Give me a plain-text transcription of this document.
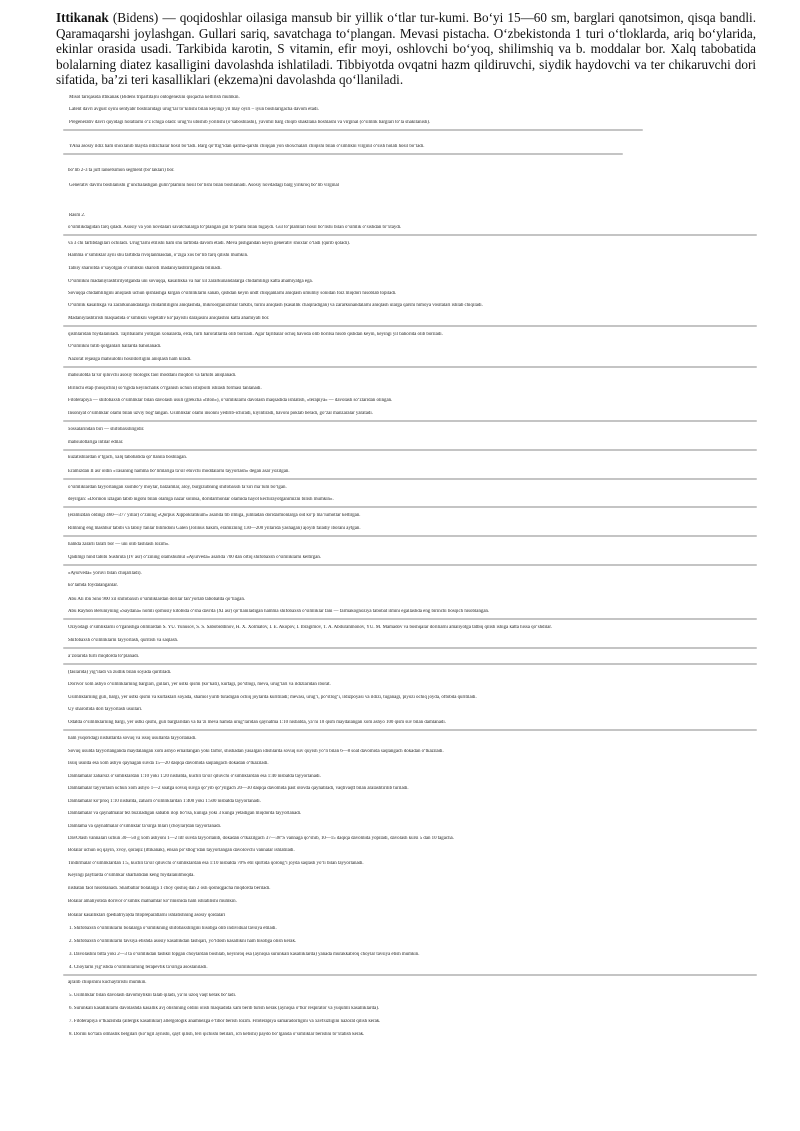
Ittikanak (Bidens) — qoqidoshlar oilasiga mansub bir yillik o‘tlar tur-kumi. Bo‘yi 15—60 sm, barglari qanotsimon, qisqa bandli. Qaramaqarshi joylashgan. Gullari sariq, savatchaga to‘plangan. Mevasi pistacha. O‘zbekistonda 1 turi o‘tloklarda, ariq bo‘ylarida, ekinlar orasida usadi. Tarkibida karotin, S vitamin, efir moyi, oshlovchi bo‘yoq, shilimshiq va b. moddalar bor. Xalq tabobatida bolalarning diatez kasalligini davolashda ishlatiladi. Tibbiyotda ovqatni hazm qildiruvchi, siydik haydovchi va ter chikaruvchi dori sifatida, ba’zi teri kasalliklari (ekzema)ni davolashda qo‘llaniladi.

Misol tariqasida ittikanak (Bidens tripartita)ni ontogenezini qisqacha keltirish mumkin.

Latent davri avgust oyini sentyabr boshlaridagi urug‘lar to‘kilishi bilan keyingi yil may oyiri – iyun boshlarigacha davom etadi.

Pregenerativ davri quyidagi holatlarni o‘z ichiga oladi: urug‘ni ubishib yorilishi (o‘saboshlashi), yavimil barg chiqib shakllana boshlashi va virginal (o‘simlik barglari to‘la shakllanish).

YAna asosiy ildiz ham shoxlanib mayda ildizchalar hosil bo‘ladi. Barg qo‘ltig‘idan qarma-qarshi chiqqan yon shoxchalari chiqishi bilan o‘simlikni virginil o‘sish holati hosil bo‘ladi.

bo‘lib 2-3 ta juft lansetsimon segment (bo‘laklari) bor.

Generativ davrni boshlanishi g‘unchalashgan gulin‘plamini hosil bo‘lishi bilan boshlanadi. Asosiy novdadagi barg yirikroq bo‘lib virginal

Rasm 2.

o‘simlikdagidan farq qiladi. Asosiy va yon novdalari savatchalarga to‘plangan gul to‘plami bilan tugaydi. Gul to‘plamlari hosil bo‘lishi bilan o‘simlik o‘sishdan to‘xtaydi.

va 3 chi tartibdagilari ochiladi. Urug‘larni etilishi ham shu tartibda davom etadi. Meva pishgandan keyin generativ shoxlar o‘ladi (qurib qoladi).

Hamma o‘simliklar ayni shu tartibda rivojlanmasdan, o‘ziga xos bo‘lib farq qilishi mumkin.

Tabiiy sharoitda o‘sayotgan o‘simlikni sharoiti madaniylashtirilganda bilinadi.

O‘simlikni madaniylashtirilyotganda uni sovuqqa, kasallikka va har xil zararkunandalarga chidamliligi katta ahamiyatga ega.

Sovuqqa chidamliligini aniqlash uchun qishlashga kirgan o‘simliklarni sanab, qishdan keyin undt chiqqanlarni aniqlash umumiy sonidan foiz miqdori hisoblab topiladi.

O‘simlik kasallikga va zararkunandalarga chidamliligini aniqlashda, mikroorganizmlar tarkibi, turini aniqlash (kasallik chaqiradigan) va zararkunandalarni aniqlash ularga qarshi himoya vositalari ishlab chiqiladi.

Madaniylashtirish maqsadida o‘simlikni vegetativ ko‘payishi darajasini aniqlashni katta ahamiyati bor.

qismlaridan foydalaniladi. Tajribalarni yotilgan xonalarda, erda, turli haroratlarda olib boriladi. Agar tajribalar ochiq havoda olib borilsa hisob qishdan keyin, keyingi yil bahorida olib boriladi.

O‘simlikni tutib qolganlari hallarda baholanadi.

Nazorat rejasiga mahsulotni hosildorligini aniqlash ham kiradi.

mahsulotda ta’sir qiluvchi asosiy biologik faol moddani miqdori va tarkibi aniqlanadi.

Birinchi etap (hosqichni) so‘ngida keyinchalik o‘rganish uchun istiqbolli ishlash formasi tanlanadi.

Fitoterapiya — shifobaxsh o‘simliklar bilan davolash usuli (grekcha «fiton»), o‘simliklarni davolash maqsadida ishlatish, «terapiya» — davolash so‘zlaridan olingan.

Insoniyat o‘simliklar olami bilan uzviy bog‘langan. Usimliklar olami insonni yedirib-ichiradi, kiyintiradi, havoni poklab beradi, go‘zal manzaralar yaratadi.

xossalarından biri — shifobaxshligidir.

mahsulotlariga intilar edilar.

kuzatishlardan o‘tgach, xalq tabobatida qo‘llanila boshlagan.

Eramizdan II asr oldin «Tasaning hamma bo‘limlariga ta’sir etuvchi moddalarni tayyorlash» degan asar yozilgan.

o‘simliklardan tayyorlangan xushbo‘y moylar, balzamlar, aloy, burgizubning shifobaxsh ta’siri ma’lum bo‘lgan.

deyilgan: «Dorinon izlagan tabib nigohi bilan olamga nazar solinsa, doridarmonlar olamida hayot kechirayotganimizni bilish mumkin».

(eramizdan oldingi 460—377 yillar) o‘zining «Qorpus Xippokratikum» asarida tib ilmiga, jumladan doridarmonlarga oid ko‘p ma’lumotlar keltirgan.

Rimning eng mashhur tabibi va tabiiy fanlar bilimdoni Galen (Jolinus hakim, eramizning 130—200 yillarida yashagan) ajoyib faladiy iborani aytgan.

hamda zararli tarafi bor — uni olib tashlash lozim».

Qadimgi hind tabibi Sushruta (IV asr) o‘zining olamshumul «Ayurveda» asarida 700 dan ortiq shifobaxsh o‘simliklarni keltirgan.

«Ayurveda» yoruvi bilan chiqariladi).

ko‘lamda foydalanganlar.

Abu Ali ibn Sino 900 xil shifobaxsh o‘simliklardan dorilar tan‘yorlab tabobatda qo‘llagan.

Abu Rayhon Beruniyning «Saydana» nomli qomusiy kitobida o‘sha davrda (XI asr) qo‘llaniladigan hamma shifobaxsh o‘simliklar fani — farmakognoziya tabobat ilmini egallashda eng birinchi bosqich hisoblangan.

Oziyodagi o‘simliklarni o‘rganishga olimlardan S. YU. Yunusov, S. S. Sabobiddinov, H. X. Xolmatov, I. E. Akopov, I. Ibragimov, T. A. Abdurahmonov, YU. M. Mamadov va boshqalar doriliarni amaliyotga tatbiq qilish ishiga katta hissa qo‘shdilar.

Shifobaxsh o‘simliklarni tayyorlash, quritish va saqlash.

a’zolarida turli miqdorda to‘planadi.

(faslarida) yig‘iladi va zudlik bilan soyada quritiladi.

Dorivor xom ashyo o‘simliklarning barglari, gullari, yer ustki qismi (ko‘kati), kurtagi, po‘stlogi, meva, urug‘lari va ildizlaridan iborat.

Usimliklarning guli, bargi, yer ustki qismi va kurtaklari soyada, shamol yurib turadigan ochiq joylarda kuritiladi; mevasi, urug‘i, po‘stlog‘i, ildizpoyasi va ildizi, tuganagi, piyozi ochiq joyda, oftobda quritiladi.

Uy sharoitida dori tayyorlash usullari.

Odatda o‘simliklarning bargi, yer ustki qismi, guli barglaridan va ba’zi meva hamda urug‘laridan qaynatma 1:10 nisbatda, ya’ni 10 qism maydalangan xom ashyo 100 qism suv bilan damlanadi.

ham yuqoridagi nisbatlarda sovuq va issiq usullarda tayyorlanadi.

Sovuq usulda tayyorlanganda maydalangan xom ashyo ernallangan yoki farfor, shishadan yasalgan idishlarda sovuq suv quyish yo‘li bilan 6—8 soat davomida saqlangach dokadan o‘tkaziladi.

Issiq usulda esa xom ashyo qaynagan suvda 15—20 daqiqa davomida saqlangach dokadan o‘tkaziladi.

Damlamalar zaharsiz o‘simliklardan 1:10 yoki 1:20 nisbatda, kuchli ta’sir qiluvchi o‘simliklardan esa 1:40 nisbatda tayyorlanadi.

Damlamalar tayyorlash uchun xom ashyo 1—2 soatga sovuq suvga qo‘yib qo‘yilgach 20—30 daqiqa davomida past olovda qaynatiladi, vaqtivaqtt bilan aralashtirilib turiladi.

Damlamalar ko‘proq 1:10 nisbatda, zaharli o‘simliklardan 1:400 yoki 1:500 nisbatda tayyorlanadi.

Damlamalar va qaynatmalar tez buziladigan sabablı iloji bo‘lsa, kuniga yoki 3 kunga yetadigan miqdorda tayyorlanadi.

Damlama va qaynatmalar o‘simliklar ta’sirga mlari (choylar)dan tayyorlanadi.

DavOlash vannalari uchun 30—50 g xom ashyoni 1—2 litr suvda tayyorlanib, dokadan o‘tkazilgach 37—38°S vannaga qo‘shib, 10—15 daqiqa davomida yopiladi, davolash kursi 5 dan 10 tagacha.

Bolalar uchun oq qayin, xvoy, qoraqiz (ittikanak), ensan po‘stlog‘idan tayyorlangan davolovchi vannalar ishlatiladi.

Tindirmalar o‘simliklardan 1:5, kuchli ta’sir qiluvchi o‘simliklardan esa 1:10 nisbatda 70% etil spirtida qorong‘i joyda saqlash yo‘li bilan tayyorlanadi.

Keyingi paytlarda o‘simlikar sharbatidan keng foydalanilmoqda.

nisbatan faol hisoblanadi. Sharbatlar bolalarga 1 choy qoshiq dan 2 osh qoshiqgacha miqdorda beriladi.

Bolalar amaliyotida dorivor o‘simlik malhamlar ko‘rinishida ham ishlatilishi mumkin.

Bolalar kasalliklari (pediatriya)da fitopreparatlarni ishlatishning asosiy qoidalari

1. Shifobaxsh o‘simliklarni bolalarga o‘simlikning shifobaxshligini hisobga olib individual tavsiya etiladi.

2. Shifobaxsh o‘simliklarni tavsiya etishda asosiy kasallikdan tashqari, yo‘ldosh kasallikni ham hisobga olish kerak.

3. Davolashni bitta yoki 2—3 ta o‘simlikdan tashkil topgan choylardan boshlab, keyinroq esa (ayniqsa surunkali kasalliklarda) yanada murakkabroq choylar tavsiya etish mumkin.

4. Choylarni yig‘ishda o‘simliklarning terapevtik ta’siriga asoslaniladi.

ajralib chiqishini kuchaytirishi mumkin.

5. Usimliklar bilan davolash davomiylikni talab qiladi, ya’ni uzoq vaqt kerak bo‘ladi.

6. Surunkali kasalliklarni davolashda kasallik avj olishining oldini olish maqsadida xam berib turish kerak (ayniqsa o‘tkir respirator va yuqumli kasalliklarda).

7. Fitoterapiya o‘tkazishda (allergik kasalliklar) allergologik anamnezga e’tibor berish lozim. Fitoterapiya samaradorligini va xavfsizligini nazorat qilish kerak.

8. Dorini ko‘tara olmaslik belgilari (ko‘ngil aynishi, qayt qilish, teri qichishi belilari, ich ketishi) paydo bo‘lganda o‘simliklar berishni to‘xtatish kerak.
